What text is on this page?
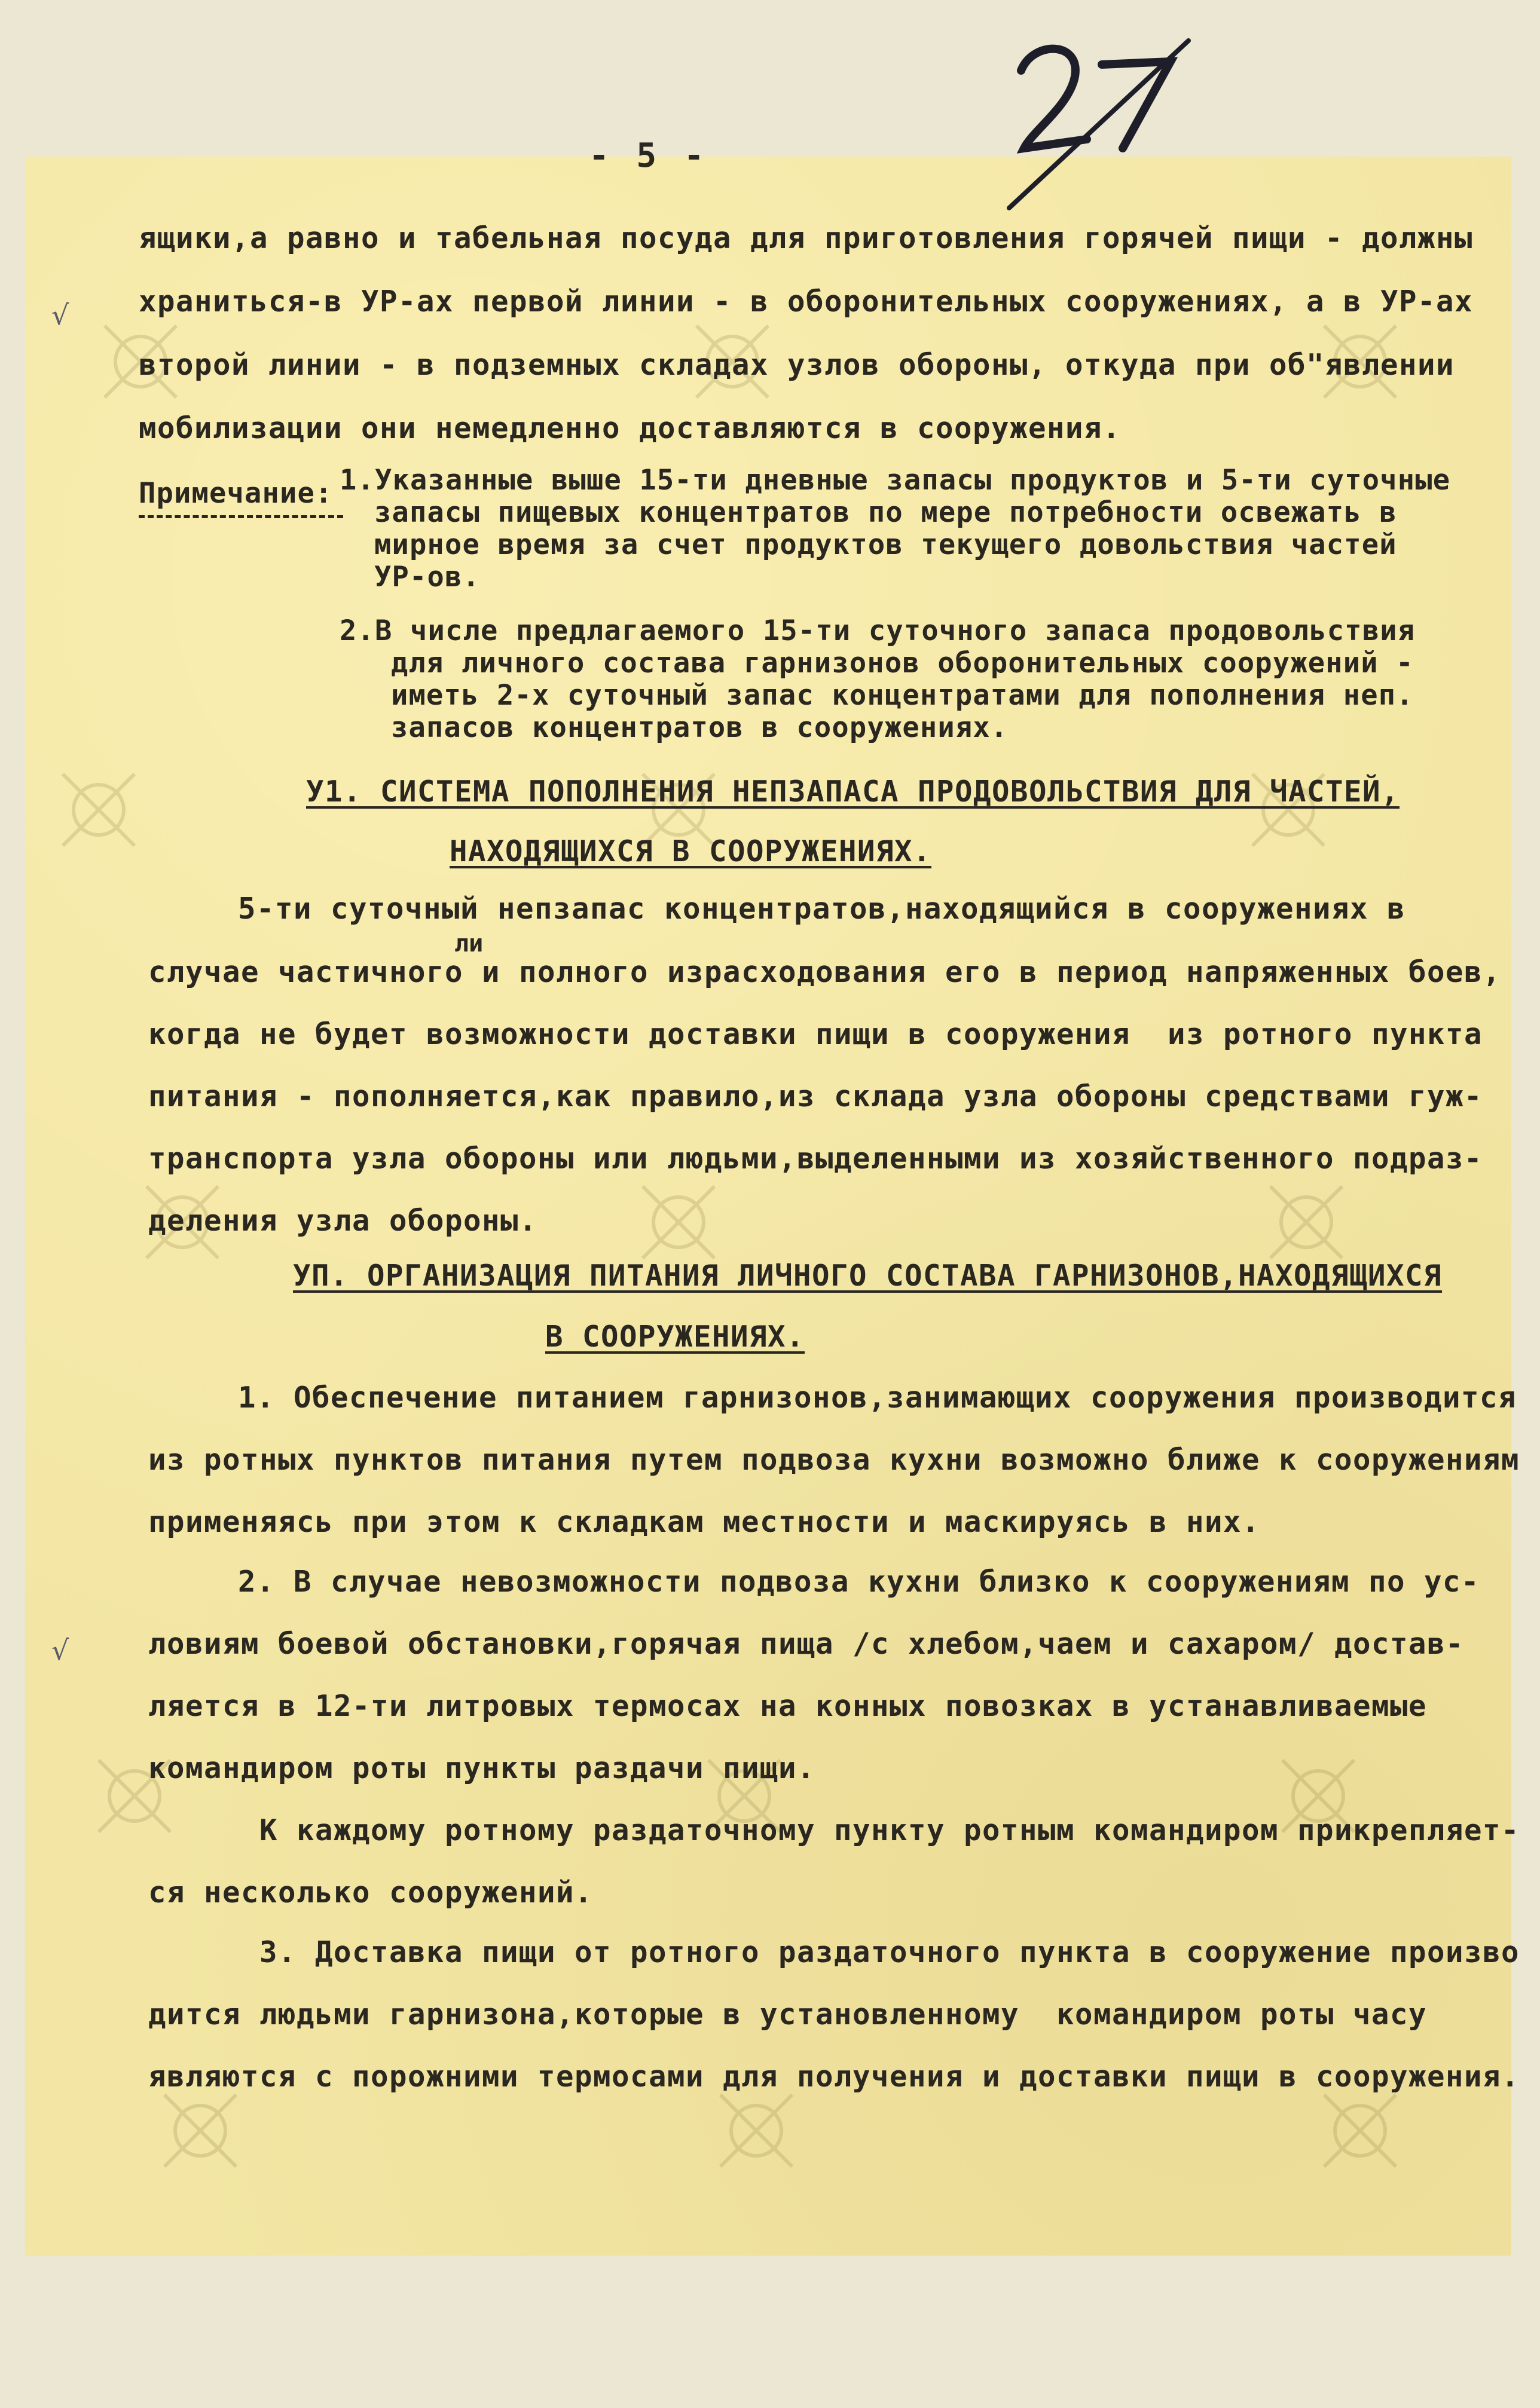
- 5 -
ящики,а равно и табельная посуда для приготовления горячей пищи - должны
храниться-в УР-ах первой линии - в оборонительных сооружениях, а в УР-ах
второй линии - в подземных складах узлов обороны, откуда при об"явлении
мобилизации они немедленно доставляются в сооружения.
√
Примечание: 1.Указанные выше 15-ти дневные запасы продуктов и 5-ти суточные
запасы пищевых концентратов по мере потребности освежать в
мирное время за счет продуктов текущего довольствия частей
УР-ов.
2.В числе предлагаемого 15-ти суточного запаса продовольствия
для личного состава гарнизонов оборонительных сооружений -
иметь 2-х суточный запас концентратами для пополнения неп.
запасов концентратов в сооружениях.
У1. СИСТЕМА ПОПОЛНЕНИЯ НЕПЗАПАСА ПРОДОВОЛЬСТВИЯ ДЛЯ ЧАСТЕЙ,
НАХОДЯЩИХСЯ В СООРУЖЕНИЯХ.
5-ти суточный непзапас концентратов,находящийся в сооружениях в
ли
случае частичного и полного израсходования его в период напряженных боев,
когда не будет возможности доставки пищи в сооружения  из ротного пункта
питания - пополняется,как правило,из склада узла обороны средствами гуж-
транспорта узла обороны или людьми,выделенными из хозяйственного подраз-
деления узла обороны.
УП. ОРГАНИЗАЦИЯ ПИТАНИЯ ЛИЧНОГО СОСТАВА ГАРНИЗОНОВ,НАХОДЯЩИХСЯ
В СООРУЖЕНИЯХ.
1. Обеспечение питанием гарнизонов,занимающих сооружения производится
из ротных пунктов питания путем подвоза кухни возможно ближе к сооружениям
применяясь при этом к складкам местности и маскируясь в них.
2. В случае невозможности подвоза кухни близко к сооружениям по ус-
ловиям боевой обстановки,горячая пища /с хлебом,чаем и сахаром/ достав-
ляется в 12-ти литровых термосах на конных повозках в устанавливаемые
командиром роты пункты раздачи пищи.
√
К каждому ротному раздаточному пункту ротным командиром прикрепляет-
ся несколько сооружений.
3. Доставка пищи от ротного раздаточного пункта в сооружение произво
дится людьми гарнизона,которые в установленному  командиром роты часу
являются с порожними термосами для получения и доставки пищи в сооружения.
